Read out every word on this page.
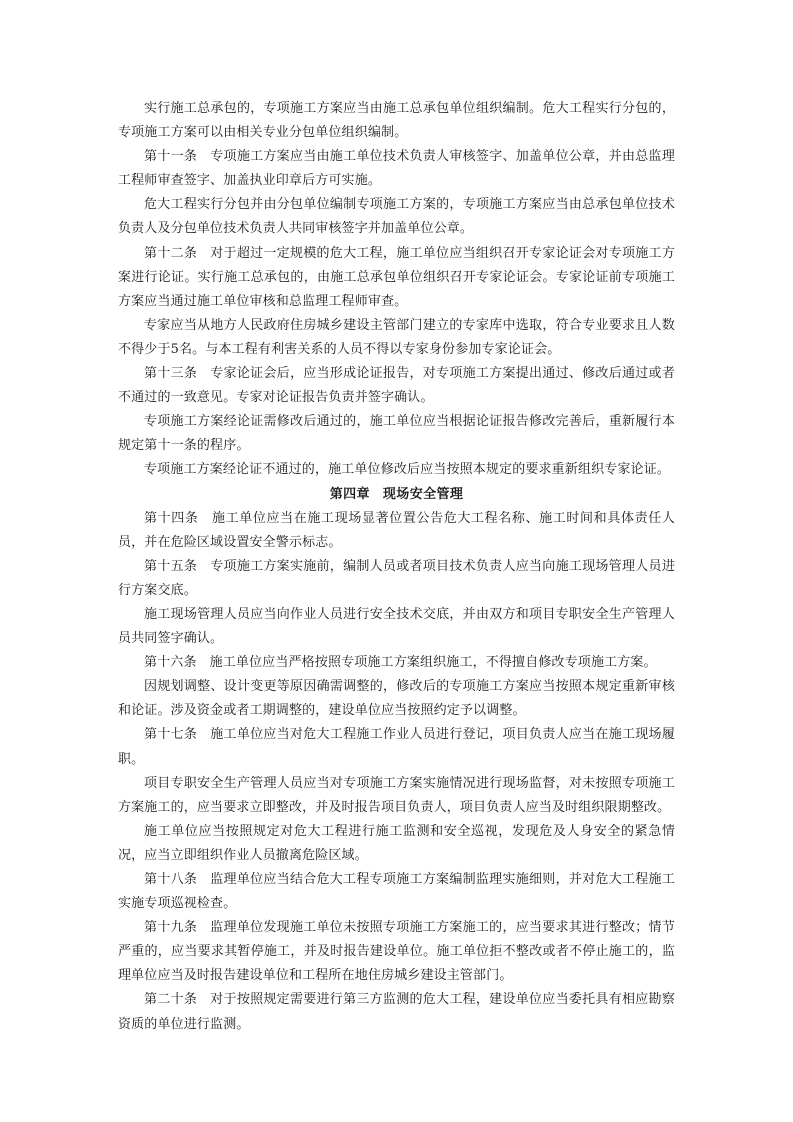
实行施工总承包的，专项施工方案应当由施工总承包单位组织编制。危大工程实行分包的，专项施工方案可以由相关专业分包单位组织编制。

第十一条 专项施工方案应当由施工单位技术负责人审核签字、加盖单位公章，并由总监理工程师审查签字、加盖执业印章后方可实施。

危大工程实行分包并由分包单位编制专项施工方案的，专项施工方案应当由总承包单位技术负责人及分包单位技术负责人共同审核签字并加盖单位公章。

第十二条 对于超过一定规模的危大工程，施工单位应当组织召开专家论证会对专项施工方案进行论证。实行施工总承包的，由施工总承包单位组织召开专家论证会。专家论证前专项施工方案应当通过施工单位审核和总监理工程师审查。

专家应当从地方人民政府住房城乡建设主管部门建立的专家库中选取，符合专业要求且人数不得少于5名。与本工程有利害关系的人员不得以专家身份参加专家论证会。

第十三条 专家论证会后，应当形成论证报告，对专项施工方案提出通过、修改后通过或者不通过的一致意见。专家对论证报告负责并签字确认。

专项施工方案经论证需修改后通过的，施工单位应当根据论证报告修改完善后，重新履行本规定第十一条的程序。

专项施工方案经论证不通过的，施工单位修改后应当按照本规定的要求重新组织专家论证。

第四章 现场安全管理

第十四条 施工单位应当在施工现场显著位置公告危大工程名称、施工时间和具体责任人员，并在危险区域设置安全警示标志。

第十五条 专项施工方案实施前，编制人员或者项目技术负责人应当向施工现场管理人员进行方案交底。

施工现场管理人员应当向作业人员进行安全技术交底，并由双方和项目专职安全生产管理人员共同签字确认。

第十六条 施工单位应当严格按照专项施工方案组织施工，不得擅自修改专项施工方案。

因规划调整、设计变更等原因确需调整的，修改后的专项施工方案应当按照本规定重新审核和论证。涉及资金或者工期调整的，建设单位应当按照约定予以调整。

第十七条 施工单位应当对危大工程施工作业人员进行登记，项目负责人应当在施工现场履职。

项目专职安全生产管理人员应当对专项施工方案实施情况进行现场监督，对未按照专项施工方案施工的，应当要求立即整改，并及时报告项目负责人，项目负责人应当及时组织限期整改。

施工单位应当按照规定对危大工程进行施工监测和安全巡视，发现危及人身安全的紧急情况，应当立即组织作业人员撤离危险区域。

第十八条 监理单位应当结合危大工程专项施工方案编制监理实施细则，并对危大工程施工实施专项巡视检查。

第十九条 监理单位发现施工单位未按照专项施工方案施工的，应当要求其进行整改；情节严重的，应当要求其暂停施工，并及时报告建设单位。施工单位拒不整改或者不停止施工的，监理单位应当及时报告建设单位和工程所在地住房城乡建设主管部门。

第二十条 对于按照规定需要进行第三方监测的危大工程，建设单位应当委托具有相应勘察资质的单位进行监测。
